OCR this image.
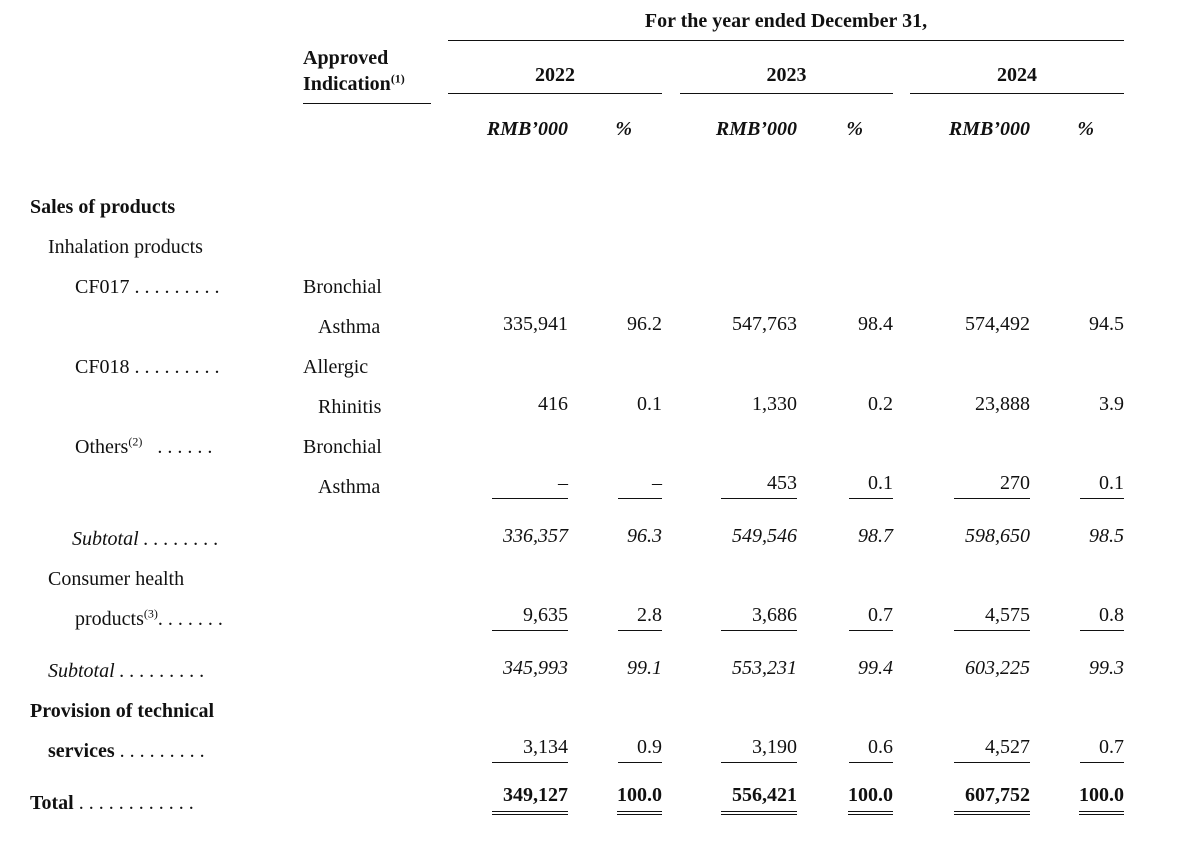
For the year ended December 31,
Approved
Indication$^{(1)}$	2022	2023	2024
RMB’000	%	RMB’000	%	RMB’000	%
Sales of products
Inhalation products
CF017 . . . . . . . . .	Bronchial
Asthma	335,941	96.2	547,763	98.4	574,492	94.5
CF018 . . . . . . . . .	Allergic
Rhinitis	416	0.1	1,330	0.2	23,888	3.9
Others$^{(2)}$ . . . . . .	Bronchial
Asthma	–	–	453	0.1	270	0.1
Subtotal . . . . . . . .	336,357	96.3	549,546	98.7	598,650	98.5
Consumer health
products$^{(3)}$. . . . . . .	9,635	2.8	3,686	0.7	4,575	0.8
Subtotal . . . . . . . . .	345,993	99.1	553,231	99.4	603,225	99.3
Provision of technical
services . . . . . . . . .	3,134	0.9	3,190	0.6	4,527	0.7
Total . . . . . . . . . . . .	349,127	100.0	556,421	100.0	607,752	100.0
